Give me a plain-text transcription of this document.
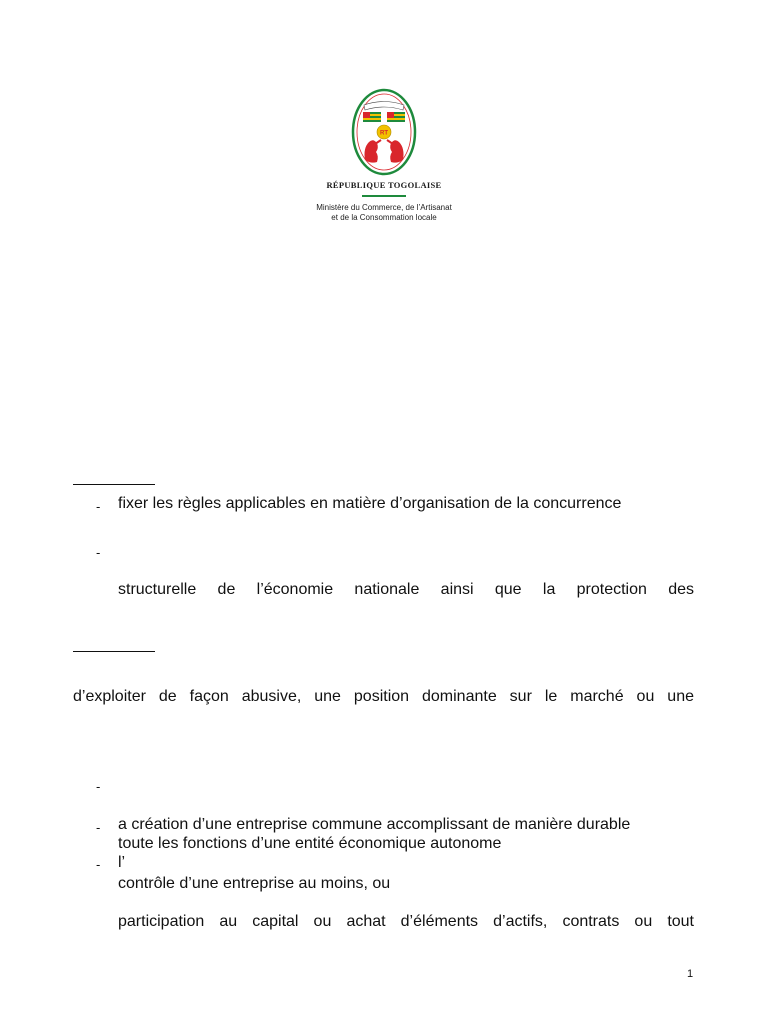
RT
RÉPUBLIQUE TOGOLAISE
Ministère du Commerce, de l’Artisanat
et de la Consommation locale
- fixer les règles applicables en matière d’organisation de la concurrence
-
structurelle de l’économie nationale ainsi que la protection des
d’exploiter de façon abusive, une position dominante sur le marché ou une
-
- a création d’une entreprise commune accomplissant de manière durable
toute les fonctions d’une entité économique autonome
- l’
contrôle d’une entreprise au moins, ou
participation au capital ou achat d’éléments d’actifs, contrats ou tout
1
